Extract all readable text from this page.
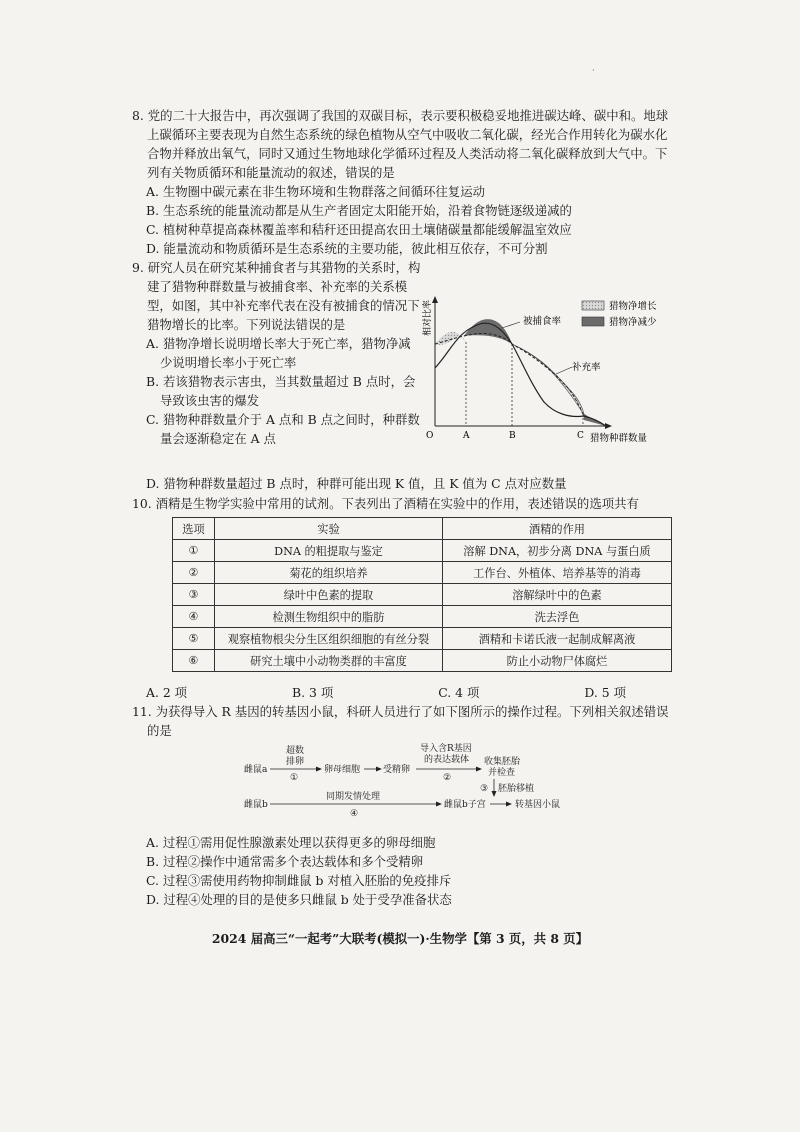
·

8. 党的二十大报告中，再次强调了我国的双碳目标，表示要积极稳妥地推进碳达峰、碳中和。地球上碳循环主要表现为自然生态系统的绿色植物从空气中吸收二氧化碳，经光合作用转化为碳水化合物并释放出氧气，同时又通过生物地球化学循环过程及人类活动将二氧化碳释放到大气中。下列有关物质循环和能量流动的叙述，错误的是

A. 生物圈中碳元素在非生物环境和生物群落之间循环往复运动

B. 生态系统的能量流动都是从生产者固定太阳能开始，沿着食物链逐级递减的

C. 植树种草提高森林覆盖率和秸秆还田提高农田土壤储碳量都能缓解温室效应

D. 能量流动和物质循环是生态系统的主要功能，彼此相互依存，不可分割

9. 研究人员在研究某种捕食者与其猎物的关系时，构建了猎物种群数量与被捕食率、补充率的关系模型，如图，其中补充率代表在没有被捕食的情况下猎物增长的比率。下列说法错误的是

A. 猎物净增长说明增长率大于死亡率，猎物净减少说明增长率小于死亡率

B. 若该猎物表示害虫，当其数量超过 B 点时，会导致该虫害的爆发

C. 猎物种群数量介于 A 点和 B 点之间时，种群数量会逐渐稳定在 A 点

D. 猎物种群数量超过 B 点时，种群可能出现 K 值，且 K 值为 C 点对应数量

相对比率
O	A	B	C 猎物种群数量
被捕食率
补充率
猎物净增长
猎物净减少

10. 酒精是生物学实验中常用的试剂。下表列出了酒精在实验中的作用，表述错误的选项共有

选项	实验	酒精的作用
①	DNA 的粗提取与鉴定	溶解 DNA，初步分离 DNA 与蛋白质
②	菊花的组织培养	工作台、外植体、培养基等的消毒
③	绿叶中色素的提取	溶解绿叶中的色素
④	检测生物组织中的脂肪	洗去浮色
⑤	观察植物根尖分生区组织细胞的有丝分裂	酒精和卡诺氏液一起制成解离液
⑥	研究土壤中小动物类群的丰富度	防止小动物尸体腐烂
A. 2 项	B. 3 项	C. 4 项	D. 5 项

11. 为获得导入 R 基因的转基因小鼠，科研人员进行了如下图所示的操作过程。下列相关叙述错误的是

雌鼠a
超数
排卵
①
卵母细胞	受精卵
导入含R基因
的表达载体
②
收集胚胎
并检查
③ 胚胎移植
雌鼠b
同期发情处理
④
雌鼠b子宫	转基因小鼠

A. 过程①需用促性腺激素处理以获得更多的卵母细胞

B. 过程②操作中通常需多个表达载体和多个受精卵

C. 过程③需使用药物抑制雌鼠 b 对植入胚胎的免疫排斥

D. 过程④处理的目的是使多只雌鼠 b 处于受孕准备状态

2024 届高三“一起考”大联考(模拟一)·生物学【第 3 页，共 8 页】
